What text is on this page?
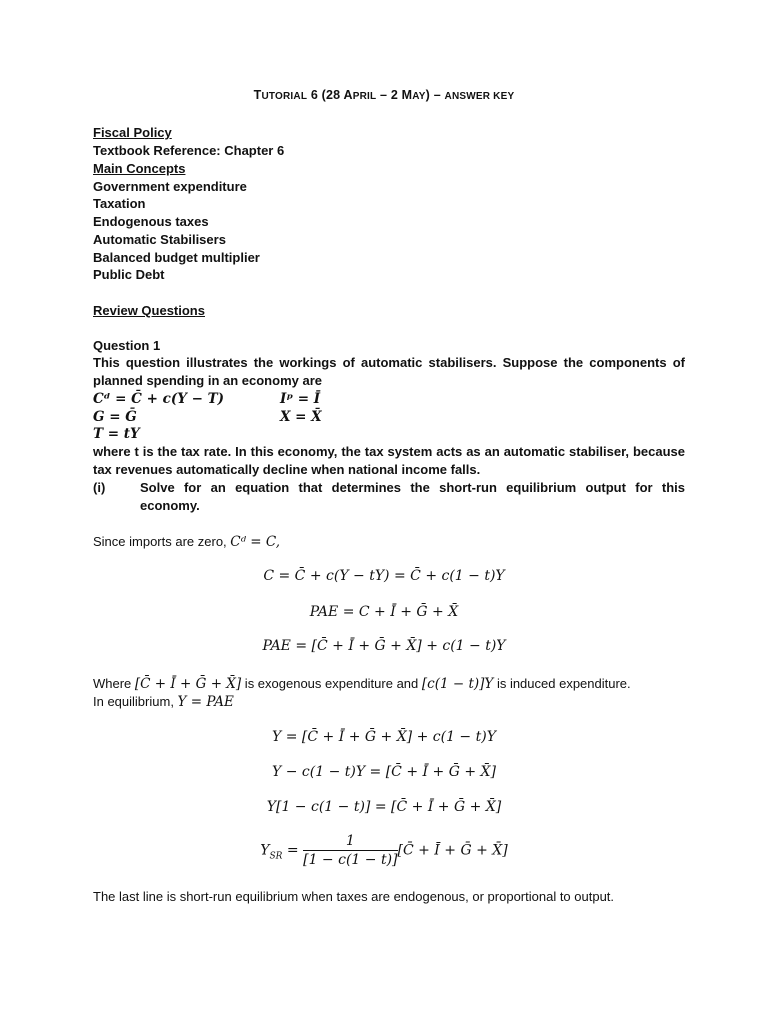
TUTORIAL 6 (28 APRIL – 2 MAY) – ANSWER KEY
Fiscal Policy
Textbook Reference: Chapter 6
Main Concepts
Government expenditure
Taxation
Endogenous taxes
Automatic Stabilisers
Balanced budget multiplier
Public Debt
Review Questions
Question 1
This question illustrates the workings of automatic stabilisers. Suppose the components of planned spending in an economy are
Cᵈ = C̄ + c(Y − T)	Iᵖ = Ī
G = Ḡ	X = X̄
T = tY
where t is the tax rate. In this economy, the tax system acts as an automatic stabiliser, because tax revenues automatically decline when national income falls.
(i)	Solve for an equation that determines the short-run equilibrium output for this economy.
Since imports are zero, Cᵈ = C,
C = C̄ + c(Y − tY) = C̄ + c(1 − t)Y
PAE = C + Ī + Ḡ + X̄
PAE = [C̄ + Ī + Ḡ + X̄] + c(1 − t)Y
Where [C̄ + Ī + Ḡ + X̄] is exogenous expenditure and [c(1 − t)]Y is induced expenditure.
In equilibrium, Y = PAE
Y = [C̄ + Ī + Ḡ + X̄] + c(1 − t)Y
Y − c(1 − t)Y = [C̄ + Ī + Ḡ + X̄]
Y[1 − c(1 − t)] = [C̄ + Ī + Ḡ + X̄]
$Y_{SR} = \frac{1}{[1 - c(1 - t)]}$ [C̄ + Ī + Ḡ + X̄]
The last line is short-run equilibrium when taxes are endogenous, or proportional to output.
